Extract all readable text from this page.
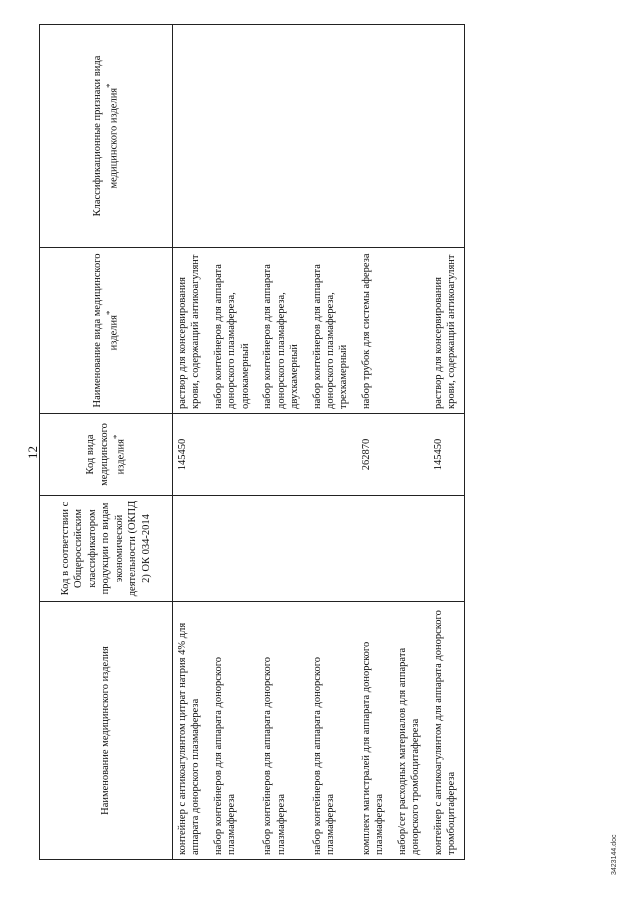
12
Наименование медицинского изделия	Код в соответствии с Общероссийским классификатором продукции по видам экономической деятельности (ОКПД 2) ОК 034-2014	Код вида медицинского изделия*	Наименование вида медицинского изделия*	Классификационные признаки вида медицинского изделия*
контейнер с антикоагулянтом цитрат натрия 4% для аппарата донорского плазмафереза		145450	раствор для консервирования крови, содержащий антикоагулянт	
набор контейнеров для аппарата донорского плазмафереза			набор контейнеров для аппарата донорского плазмафереза, однокамерный	
набор контейнеров для аппарата донорского плазмафереза			набор контейнеров для аппарата донорского плазмафереза, двухкамерный	
набор контейнеров для аппарата донорского плазмафереза			набор контейнеров для аппарата донорского плазмафереза, трехкамерный	
комплект магистралей для аппарата донорского плазмафереза		262870	набор трубок для системы афереза	
набор/сет расходных материалов для аппарата донорского тромбоцитафереза				
контейнер с антикоагулянтом для аппарата донорского тромбоцитафереза		145450	раствор для консервирования крови, содержащий антикоагулянт	
3423144.doc
